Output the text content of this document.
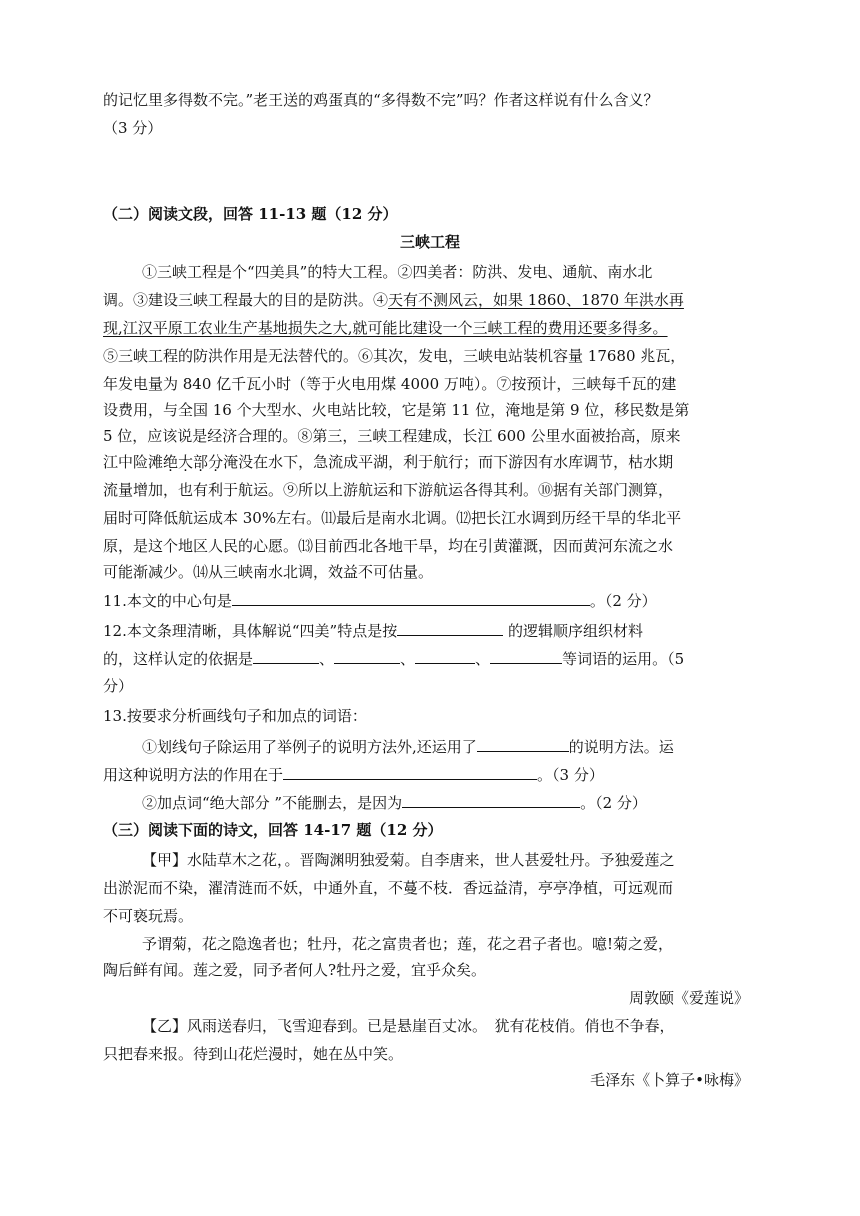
的记忆里多得数不完。”老王送的鸡蛋真的“多得数不完”吗？作者这样说有什么含义？
（3 分）
（二）阅读文段，回答 11-13 题（12 分）
三峡工程
①三峡工程是个“四美具”的特大工程。②四美者：防洪、发电、通航、南水北
调。③建设三峡工程最大的目的是防洪。④天有不测风云，如果 1860、1870 年洪水再
现,江汉平原工农业生产基地损失之大,就可能比建设一个三峡工程的费用还要多得多。
⑤三峡工程的防洪作用是无法替代的。⑥其次，发电，三峡电站装机容量 17680 兆瓦，
年发电量为 840 亿千瓦小时（等于火电用煤 4000 万吨）。⑦按预计，三峡每千瓦的建
设费用，与全国 16 个大型水、火电站比较，它是第 11 位，淹地是第 9 位，移民数是第
5 位，应该说是经济合理的。⑧第三，三峡工程建成，长江 600 公里水面被抬高，原来
江中险滩绝大部分淹没在水下，急流成平湖，利于航行；而下游因有水库调节，枯水期
流量增加，也有利于航运。⑨所以上游航运和下游航运各得其利。⑩据有关部门测算，
届时可降低航运成本 30%左右。⑾最后是南水北调。⑿把长江水调到历经干旱的华北平
原，是这个地区人民的心愿。⒀目前西北各地干旱，均在引黄灌溉，因而黄河东流之水
可能渐减少。⒁从三峡南水北调，效益不可估量。
11.本文的中心句是	。（2 分）
12.本文条理清晰，具体解说“四美”特点是按	的逻辑顺序组织材料
的，这样认定的依据是	、	、	、	等词语的运用。（5
分）
13.按要求分析画线句子和加点的词语：
①划线句子除运用了举例子的说明方法外,还运用了	的说明方法。运
用这种说明方法的作用在于	。（3 分）
②加点词“绝大部分 ”不能删去，是因为	。（2 分）
（三）阅读下面的诗文，回答 14-17 题（12 分）
【甲】水陆草木之花，。晋陶渊明独爱菊。自李唐来，世人甚爱牡丹。予独爱莲之
出淤泥而不染，濯清涟而不妖，中通外直，不蔓不枝．香远益清，亭亭净植，可远观而
不可亵玩焉。
予谓菊，花之隐逸者也；牡丹，花之富贵者也；莲，花之君子者也。噫!菊之爱，
陶后鲜有闻。莲之爱，同予者何人?牡丹之爱，宜乎众矣。
周敦颐《爱莲说》
【乙】风雨送春归，飞雪迎春到。已是悬崖百丈冰。　犹有花枝俏。俏也不争春，
只把春来报。待到山花烂漫时，她在丛中笑。
毛泽东《卜算子•咏梅》
